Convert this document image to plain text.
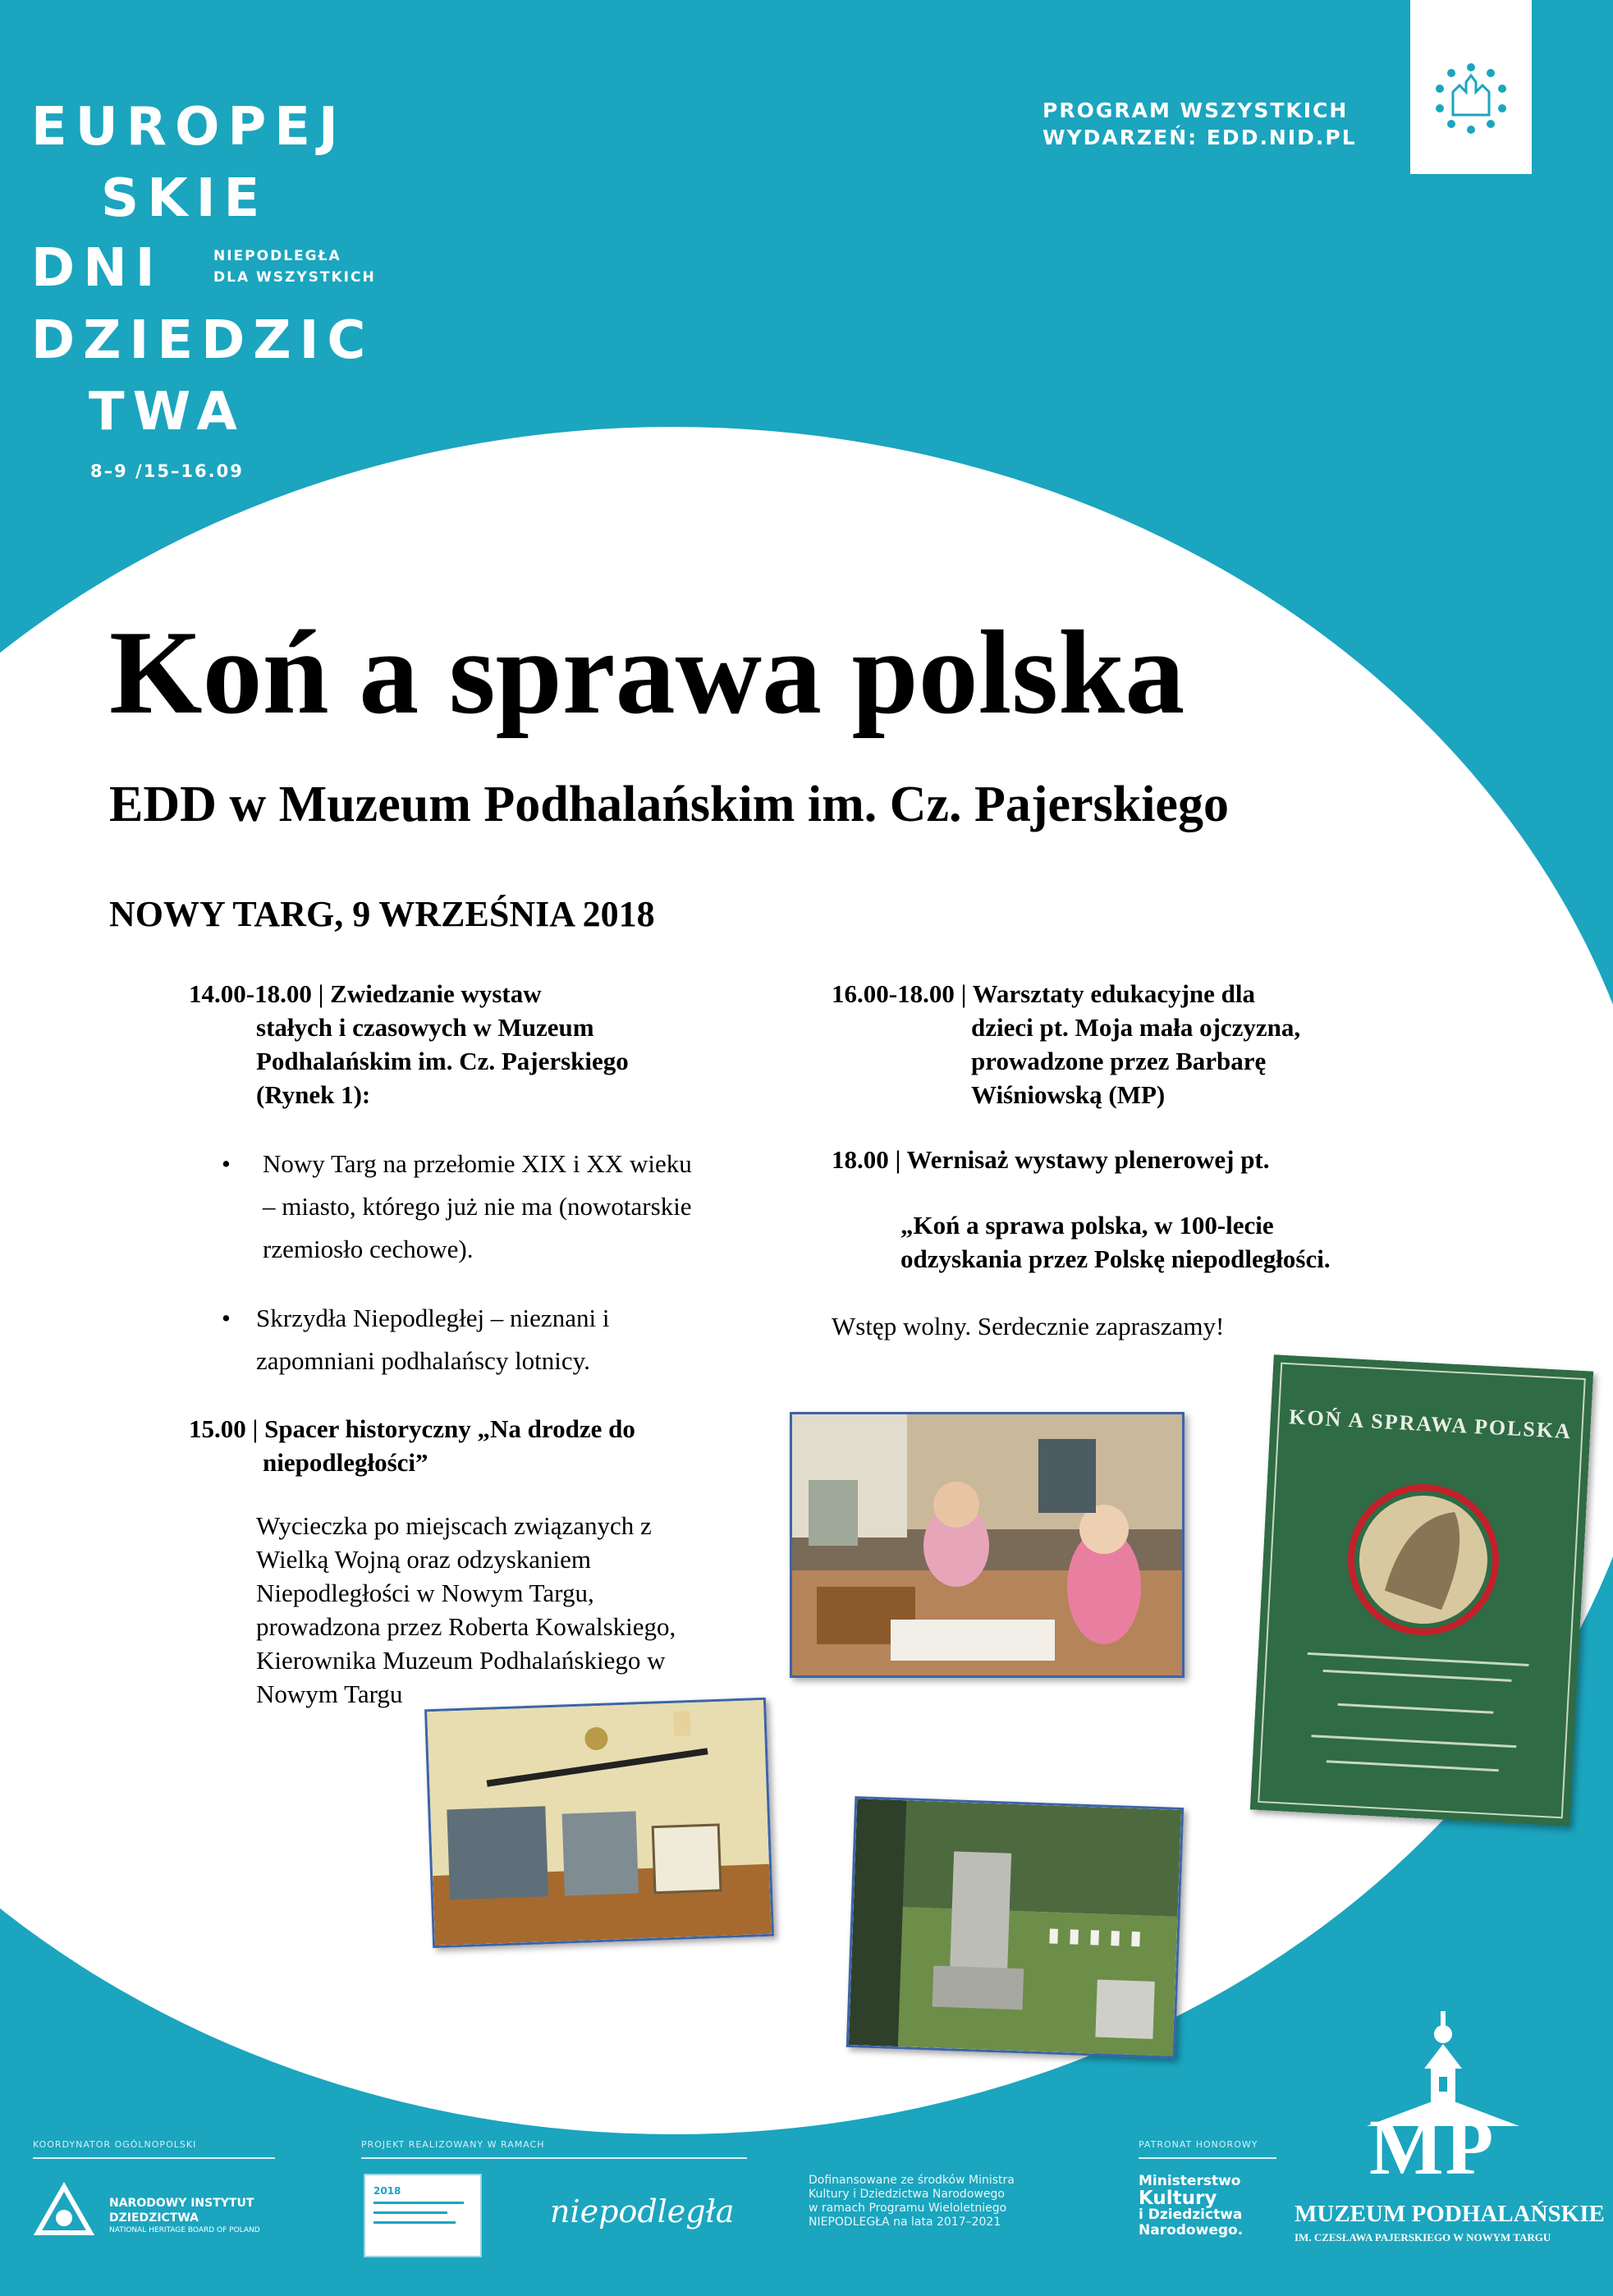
EUROPEJ
SKIE
DNI	NIEPODLEGŁA
DLA WSZYSTKICH
DZIEDZIC
TWA
8–9 /15–16.09
PROGRAM WSZYSTKICH
WYDARZEŃ: EDD.NID.PL
Koń a sprawa polska
EDD w Muzeum Podhalańskim im. Cz. Pajerskiego
NOWY TARG, 9 WRZEŚNIA 2018
14.00-18.00 | Zwiedzanie wystaw
stałych i czasowych w Muzeum
Podhalańskim im. Cz. Pajerskiego
(Rynek 1):
• Nowy Targ na przełomie XIX i XX wieku
– miasto, którego już nie ma (nowotarskie
rzemiosło cechowe).
• Skrzydła Niepodległej – nieznani i
zapomniani podhalańscy lotnicy.
15.00 | Spacer historyczny „Na drodze do
niepodległości”
Wycieczka po miejscach związanych z
Wielką Wojną oraz odzyskaniem
Niepodległości w Nowym Targu,
prowadzona przez Roberta Kowalskiego,
Kierownika Muzeum Podhalańskiego w
Nowym Targu
16.00-18.00 | Warsztaty edukacyjne dla
dzieci pt. Moja mała ojczyzna,
prowadzone przez Barbarę
Wiśniowską (MP)
18.00 | Wernisaż wystawy plenerowej pt.
„Koń a sprawa polska, w 100-lecie
odzyskania przez Polskę niepodległości.
Wstęp wolny. Serdecznie zapraszamy!
KOŃ A SPRAWA POLSKA
KOORDYNATOR OGÓLNOPOLSKI	PROJEKT REALIZOWANY W RAMACH	PATRONAT HONOROWY
NARODOWY INSTYTUT
DZIEDZICTWA
NATIONAL HERITAGE BOARD OF POLAND
2018
niepodległa
Dofinansowane ze środków Ministra
Kultury i Dziedzictwa Narodowego
w ramach Programu Wieloletniego
NIEPODLEGŁA na lata 2017–2021
Ministerstwo
Kultury
i Dziedzictwa
Narodowego.
MP
MUZEUM PODHALAŃSKIE
IM. CZESŁAWA PAJERSKIEGO W NOWYM TARGU
